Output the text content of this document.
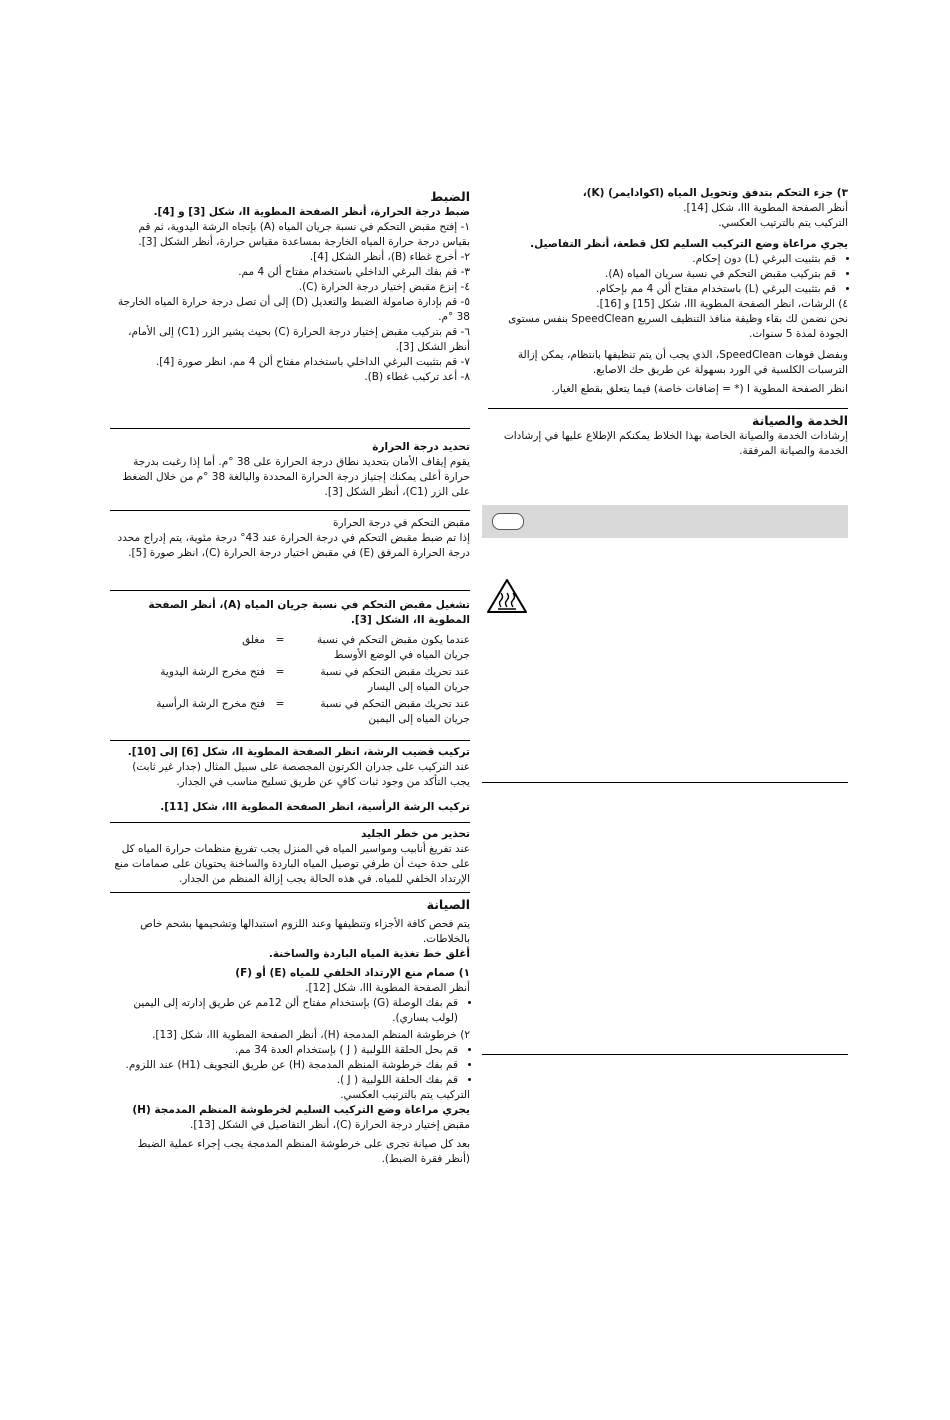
الضبط

ضبط درجة الحرارة، أنظر الصفحة المطوية II، شكل [3] و [4].

١- إفتح مقبض التحكم في نسبة جريان المياه (A) بإتجاه الرشة اليدوية، ثم قم بقياس درجة حرارة المياه الخارجة بمساعدة مقياس حرارة، أنظر الشكل [3].

٢- أخرج غطاء (B)، أنظر الشكل [4].

٣- قم بفك البرغي الداخلي باستخدام مفتاح ألن 4 مم.

٤- إنزع مقبض إختيار درجة الحرارة (C).

٥- قم بإدارة صامولة الضبط والتعديل (D) إلى أن تصل درجة حرارة المياه الخارجة 38 °م.

٦- قم بتركيب مقبض إختيار درجة الحرارة (C) بحيث يشير الزر (C1) إلى الأمام، أنظر الشكل [3].

٧- قم بتثبيت البرغي الداخلي باستخدام مفتاح ألن 4 مم، انظر صورة [4].

٨- أعد تركيب غطاء (B).

تحديد درجة الحرارة

يقوم إيقاف الأمان بتحديد نطاق درجة الحرارة على 38 °م. أما إذا رغبت بدرجة حرارة أعلى يمكنك إجتياز درجة الحرارة المحددة والبالغة 38 °م من خلال الضغط على الزر (C1)، أنظر الشكل [3].

مقبض التحكم في درجة الحرارة

إذا تم ضبط مقبض التحكم في درجة الحرارة عند 43° درجة مئوية، يتم إدراج محدد درجة الحرارة المرفق (E) في مقبض اختيار درجة الحرارة (C)، انظر صورة [5].

تشغيل مقبض التحكم في نسبة جريان المياه (A)، أنظر الصفحة المطوية II، الشكل [3].

عندما يكون مقبض التحكم في نسبة جريان المياه في الوضع الأوسط	=	مغلق
عند تحريك مقبض التحكم في نسبة جريان المياه إلى اليسار	=	فتح مخرج الرشة اليدوية
عند تحريك مقبض التحكم في نسبة جريان المياه إلى اليمين	=	فتح مخرج الرشة الرأسية

تركيب قضيب الرشة، انظر الصفحة المطوية II، شكل [6] إلى [10].

عند التركيب على جدران الكرتون المجصصة على سبيل المثال (جدار غير ثابت) يجب التأكد من وجود ثبات كافٍ عن طريق تسليح مناسب في الجدار.

تركيب الرشة الرأسية، انظر الصفحة المطوية III، شكل [11].

تحذير من خطر الجليد

عند تفريغ أنابيب ومواسير المياه في المنزل يجب تفريغ منظمات حرارة المياه كل على حدة حيث أن طرفي توصيل المياه الباردة والساخنة يحتويان على صمامات منع الإرتداد الخلفي للمياه. في هذه الحالة يجب إزالة المنظم من الجدار.

الصيانة

يتم فحص كافة الأجزاء وتنظيفها وعند اللزوم استبدالها وتشحيمها بشحم خاص بالخلاطات.

أغلق خط تغذية المياه الباردة والساخنة.

١) صمام منع الإرتداد الخلفي للمياه (E) أو (F)

أنظر الصفحة المطوية III، شكل [12].

• قم بفك الوصلة (G) بإستخدام مفتاح ألن 12مم عن طريق إدارته إلى اليمين (لولب يساري).

٢) خرطوشة المنظم المدمجة (H)، أنظر الصفحة المطوية III، شكل [13].

• قم بحل الحلقة اللولبية ( J ) بإستخدام العدة 34 مم.
• قم بفك خرطوشة المنظم المدمجة (H) عن طريق التجويف (H1) عند اللزوم.
• قم بفك الحلقة اللولبية ( J ).

التركيب يتم بالترتيب العكسي.

يجري مراعاة وضع التركيب السليم لخرطوشة المنظم المدمجة (H)

مقبض إختيار درجة الحرارة (C)، أنظر التفاصيل في الشكل [13].

بعد كل صيانة تجرى على خرطوشة المنظم المدمجة يجب إجراء عملية الضبط (أنظر فقرة الضبط).

٣) جزء التحكم بتدفق وتحويل المياه (اكوادايمر) (K)،

أنظر الصفحة المطوية III، شكل [14].

التركيب يتم بالترتيب العكسي.

يجري مراعاة وضع التركيب السليم لكل قطعة، أنظر التفاصيل.

• قم بتثبيت البرغي (L) دون إحكام.
• قم بتركيب مقبض التحكم في نسبة سريان المياه (A).
• قم بتثبيت البرغي (L) باستخدام مفتاح ألن 4 مم بإحكام.

٤) الرشات، انظر الصفحة المطوية III، شكل [15] و [16].

نحن نضمن لك بقاء وظيفة منافذ التنظيف السريع SpeedClean بنفس مستوى الجودة لمدة 5 سنوات.

وبفضل فوهات SpeedClean، الذي يجب أن يتم تنظيفها بانتظام، يمكن إزالة الترسبات الكلسية في الورد بسهولة عن طريق حك الاصابع.

انظر الصفحة المطوية I (* = إضافات خاصة) فيما يتعلق بقطع الغيار.

الخدمة والصيانة

إرشادات الخدمة والصيانة الخاصة بهذا الخلاط يمكنكم الإطلاع عليها في إرشادات الخدمة والصيانة المرفقة.
